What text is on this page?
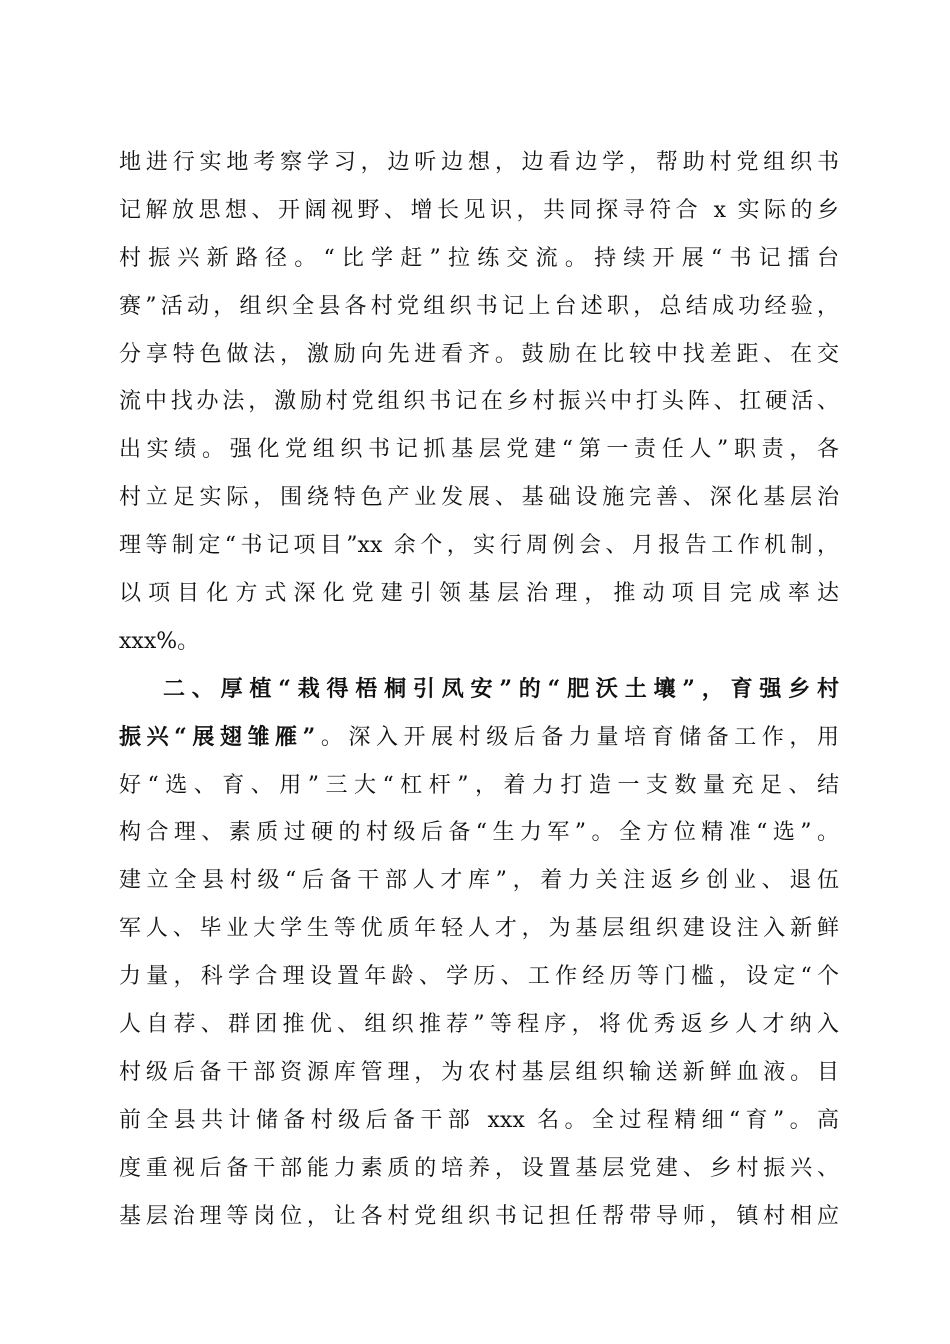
地进行实地考察学习，边听边想，边看边学，帮助村党组织书
记解放思想、开阔视野、增长见识，共同探寻符合 x 实际的乡
村振兴新路径。“比学赶”拉练交流。持续开展“书记擂台
赛”活动，组织全县各村党组织书记上台述职，总结成功经验，
分享特色做法，激励向先进看齐。鼓励在比较中找差距、在交
流中找办法，激励村党组织书记在乡村振兴中打头阵、扛硬活、
出实绩。强化党组织书记抓基层党建“第一责任人”职责，各
村立足实际，围绕特色产业发展、基础设施完善、深化基层治
理等制定“书记项目”xx 余个，实行周例会、月报告工作机制，
以项目化方式深化党建引领基层治理，推动项目完成率达
xxx%。
二、厚植“栽得梧桐引凤安”的“肥沃土壤”，育强乡村
振兴“展翅雏雁”。深入开展村级后备力量培育储备工作，用
好“选、育、用”三大“杠杆”，着力打造一支数量充足、结
构合理、素质过硬的村级后备“生力军”。全方位精准“选”。
建立全县村级“后备干部人才库”，着力关注返乡创业、退伍
军人、毕业大学生等优质年轻人才，为基层组织建设注入新鲜
力量，科学合理设置年龄、学历、工作经历等门槛，设定“个
人自荐、群团推优、组织推荐”等程序，将优秀返乡人才纳入
村级后备干部资源库管理，为农村基层组织输送新鲜血液。目
前全县共计储备村级后备干部 xxx 名。全过程精细“育”。高
度重视后备干部能力素质的培养，设置基层党建、乡村振兴、
基层治理等岗位，让各村党组织书记担任帮带导师，镇村相应
